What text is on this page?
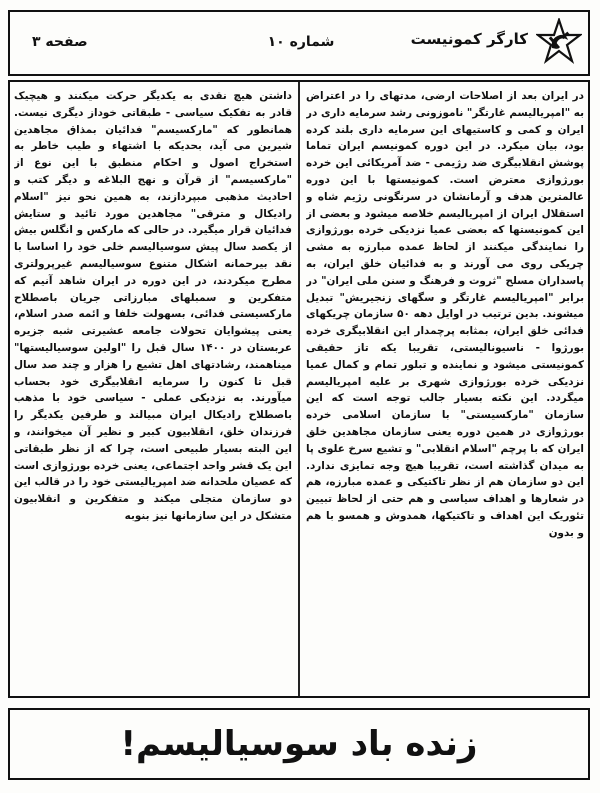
کارگر کمونیست
شماره ۱۰
صفحه ۳

در ایران بعد از اصلاحات ارضی، مدتهای را در اعتراض به "امپریالیسم غارتگر" ناموزونی رشد سرمایه داری در ایران و کمی و کاستیهای این سرمایه داری بلند کرده بود، بیان میکرد. در این دوره کمونیسم ایران تماما پوشش انقلابیگری ضد رژیمی - ضد آمریکائی این خرده بورژوازی معترض است. کمونیستها با این دوره عالمترین هدف و آرمانشان در سرنگونی رژیم شاه و استقلال ایران از امپریالیسم خلاصه میشود و بعضی از این کمونیستها که بعضی عمیا نزدیکی خرده بورژوازی را نمایندگی میکنند از لحاظ عمده مبارزه به مشی چریکی روی می آورند و به فدائیان خلق ایران، به پاسداران مسلح "ثروت و فرهنگ و سنن ملی ایران" در برابر "امپریالیسم غارتگر و سگهای زنجیریش" تبدیل میشوند. بدین ترتیب در اوایل دهه ۵۰ سازمان چریکهای فدائی خلق ایران، بمثابه پرچمدار این انقلابیگری خرده بورژوا - ناسیونالیستی، تقریبا یکه تاز حقیقی کمونیستی میشود و نماینده و تبلور تمام و کمال عمیا نزدیکی خرده بورژوازی شهری بر علیه امپریالیسم میگردد. این نکته بسیار جالب توجه است که این سازمان "مارکسیستی" با سازمان اسلامی خرده بورژوازی در همین دوره یعنی سازمان مجاهدین خلق ایران که با پرچم "اسلام انقلابی" و تشیع سرخ علوی پا به میدان گذاشته است، تقریبا هیچ وجه تمایزی ندارد. این دو سازمان هم از نظر تاکتیکی و عمده مبارزه، هم در شعارها و اهداف سیاسی و هم حتی از لحاظ تبیین تئوریک این اهداف و تاکتیکها، همدوش و همسو با هم و بدون

داشتن هیچ نقدی به یکدیگر حرکت میکنند و هیچیک قادر به تفکیک سیاسی - طبقاتی خوداز دیگری نیست. همانطور که "مارکسیسم" فدائیان بمذاق مجاهدین شیرین می آید، بحدیکه با اشتهاء و طیب خاطر به استخراج اصول و احکام منطبق با این نوع از "مارکسیسم" از قرآن و نهج البلاغه و دیگر کتب و احادیث مذهبی مبپردازند، به همین نحو نیز "اسلام رادیکال و مترقی" مجاهدین مورد تائید و ستایش فدائیان قرار میگیرد. در حالی که مارکس و انگلس بیش از یکصد سال پیش سوسیالیسم خلی خود را اساسا با نقد بیرحمانه اشکال متنوع سوسیالیسم غیرپرولتری مطرح میکردند، در این دوره در ایران شاهد آنیم که متفکرین و سمبلهای مبارزاتی جریان باصطلاح مارکسیستی فدائی، بسهولت خلفا و ائمه صدر اسلام، یعنی پیشوایان تحولات جامعه عشیرتی شبه جزیره عربستان در ۱۴۰۰ سال قبل را "اولین سوسیالیستها" میناهمند، رشادتهای اهل تشیع را هزار و چند صد سال قبل تا کنون را سرمایه انقلابیگری خود بحساب میآورند. به نزدیکی عملی - سیاسی خود با مذهب باصطلاح رادیکال ایران مبیالند و طرفین یکدیگر را فرزندان خلق، انقلابیون کبیر و نظیر آن میخوانند، و این البته بسیار طبیعی است، چرا که از نظر طبقاتی این یک قشر واحد اجتماعی، یعنی خرده بورژوازی است که عصیان ملحدانه ضد امپریالیستی خود را در قالب این دو سازمان متجلی میکند و متفکرین و انقلابیون متشکل در این سازمانها نیز بنوبه

زنده باد سوسیالیسم!
